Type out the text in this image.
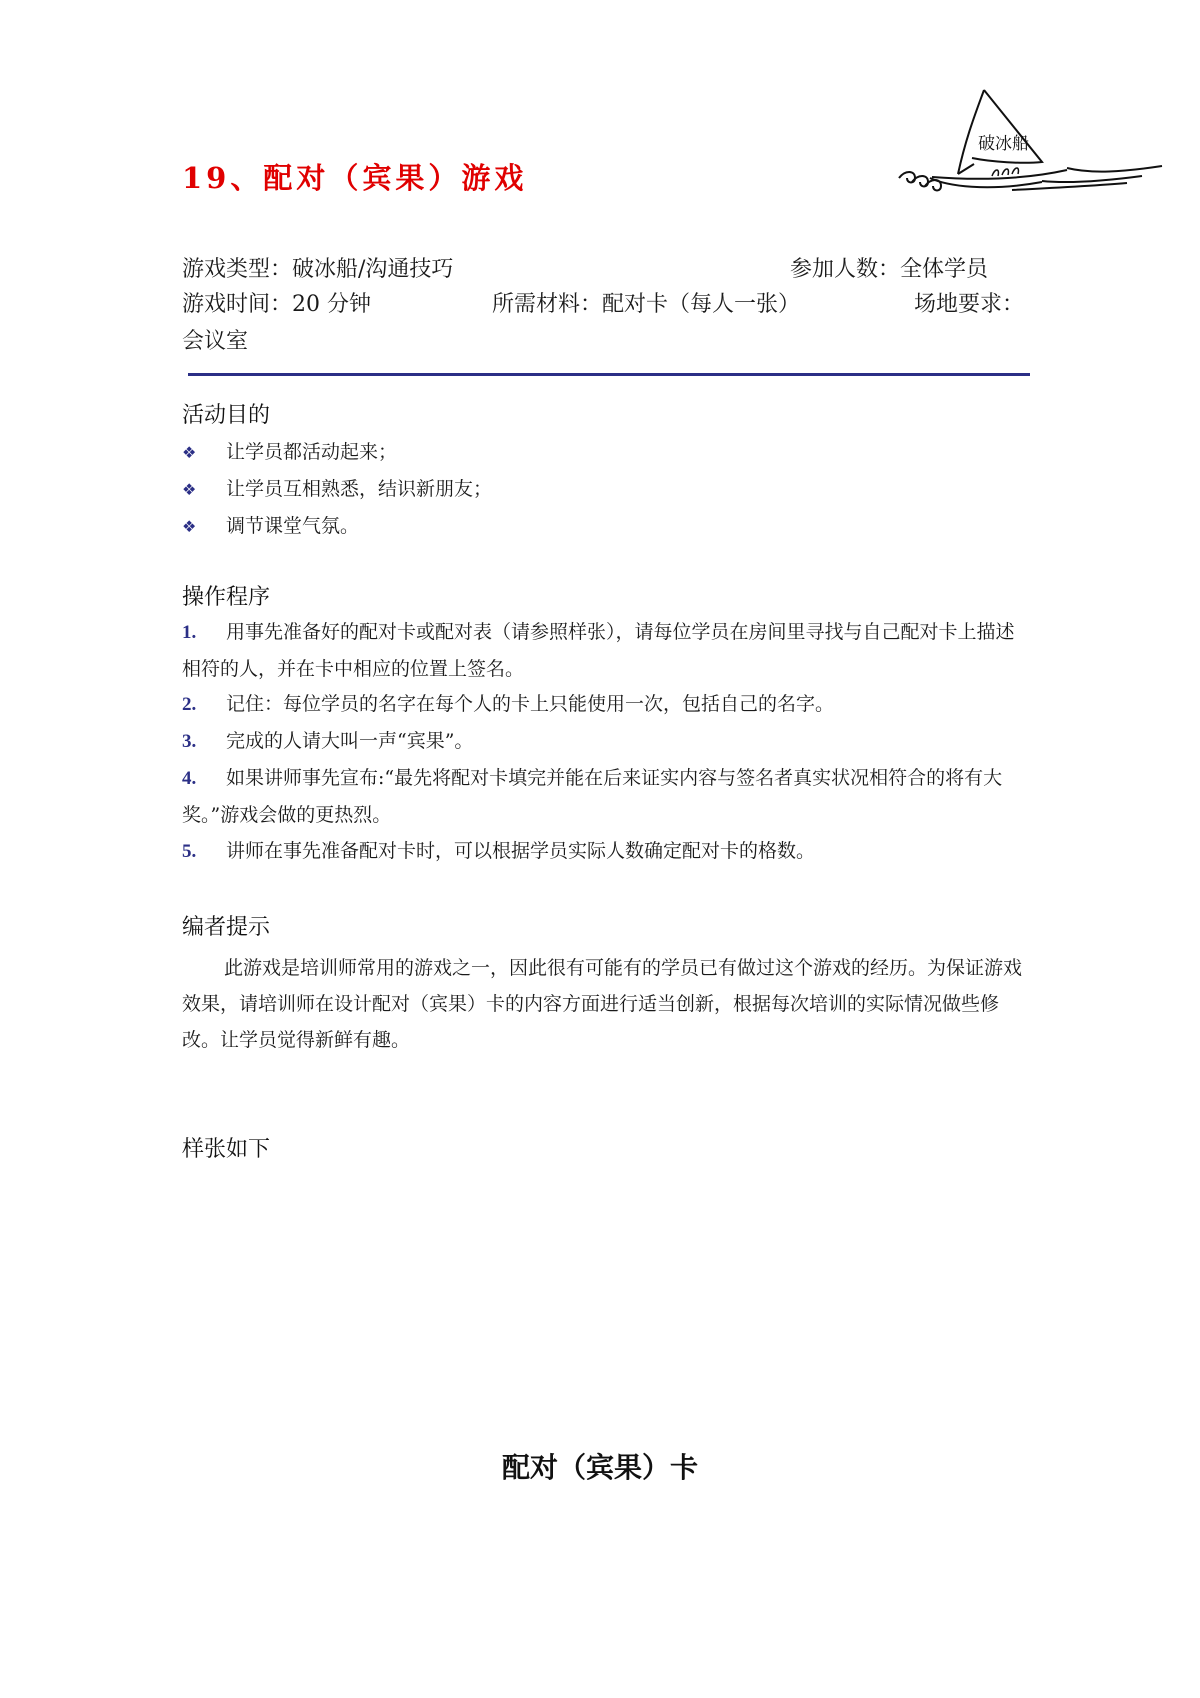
破冰船
19、配对（宾果）游戏
游戏类型：破冰船/沟通技巧	参加人数：全体学员
游戏时间：20 分钟	所需材料：配对卡（每人一张）	场地要求：
会议室
活动目的
❖ 让学员都活动起来；
❖ 让学员互相熟悉，结识新朋友；
❖ 调节课堂气氛。
操作程序
1. 用事先准备好的配对卡或配对表（请参照样张），请每位学员在房间里寻找与自己配对卡上描述相符的人，并在卡中相应的位置上签名。
2. 记住：每位学员的名字在每个人的卡上只能使用一次，包括自己的名字。
3. 完成的人请大叫一声“宾果”。
4. 如果讲师事先宣布:“最先将配对卡填完并能在后来证实内容与签名者真实状况相符合的将有大奖。”游戏会做的更热烈。
5. 讲师在事先准备配对卡时，可以根据学员实际人数确定配对卡的格数。
编者提示
此游戏是培训师常用的游戏之一，因此很有可能有的学员已有做过这个游戏的经历。为保证游戏效果，请培训师在设计配对（宾果）卡的内容方面进行适当创新，根据每次培训的实际情况做些修改。让学员觉得新鲜有趣。
样张如下
配对（宾果）卡
